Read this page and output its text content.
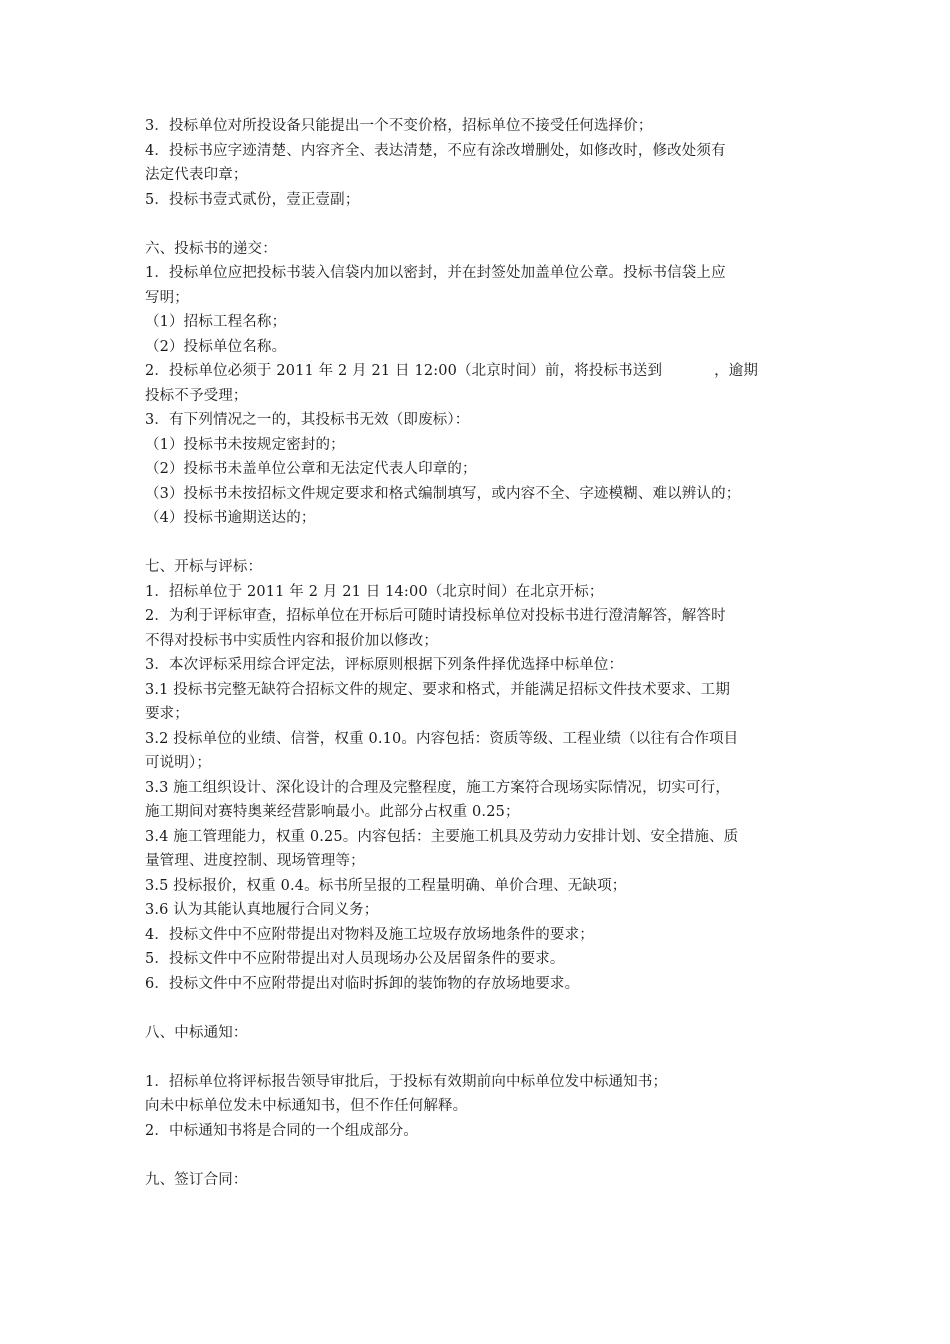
3．投标单位对所投设备只能提出一个不变价格，招标单位不接受任何选择价；
4．投标书应字迹清楚、内容齐全、表达清楚，不应有涂改增删处，如修改时，修改处须有
法定代表印章；
5．投标书壹式贰份，壹正壹副；
六、投标书的递交：
1．投标单位应把投标书装入信袋内加以密封，并在封签处加盖单位公章。投标书信袋上应
写明；
（1）招标工程名称；
（2）投标单位名称。
2．投标单位必须于 2011 年 2 月 21 日 12:00（北京时间）前，将投标书送到	，逾期
投标不予受理；
3．有下列情况之一的，其投标书无效（即废标）：
（1）投标书未按规定密封的；
（2）投标书未盖单位公章和无法定代表人印章的；
（3）投标书未按招标文件规定要求和格式编制填写，或内容不全、字迹模糊、难以辨认的；
（4）投标书逾期送达的；
七、开标与评标：
1．招标单位于 2011 年 2 月 21 日 14:00（北京时间）在北京开标；
2．为利于评标审查，招标单位在开标后可随时请投标单位对投标书进行澄清解答，解答时
不得对投标书中实质性内容和报价加以修改；
3．本次评标采用综合评定法，评标原则根据下列条件择优选择中标单位：
3.1 投标书完整无缺符合招标文件的规定、要求和格式，并能满足招标文件技术要求、工期
要求；
3.2 投标单位的业绩、信誉，权重 0.10。内容包括：资质等级、工程业绩（以往有合作项目
可说明）；
3.3 施工组织设计、深化设计的合理及完整程度，施工方案符合现场实际情况，切实可行，
施工期间对赛特奥莱经营影响最小。此部分占权重 0.25；
3.4 施工管理能力，权重 0.25。内容包括：主要施工机具及劳动力安排计划、安全措施、质
量管理、进度控制、现场管理等；
3.5 投标报价，权重 0.4。标书所呈报的工程量明确、单价合理、无缺项；
3.6 认为其能认真地履行合同义务；
4．投标文件中不应附带提出对物料及施工垃圾存放场地条件的要求；
5．投标文件中不应附带提出对人员现场办公及居留条件的要求。
6．投标文件中不应附带提出对临时拆卸的装饰物的存放场地要求。
八、中标通知：
1．招标单位将评标报告领导审批后，于投标有效期前向中标单位发中标通知书；
向未中标单位发未中标通知书，但不作任何解释。
2．中标通知书将是合同的一个组成部分。
九、签订合同：
